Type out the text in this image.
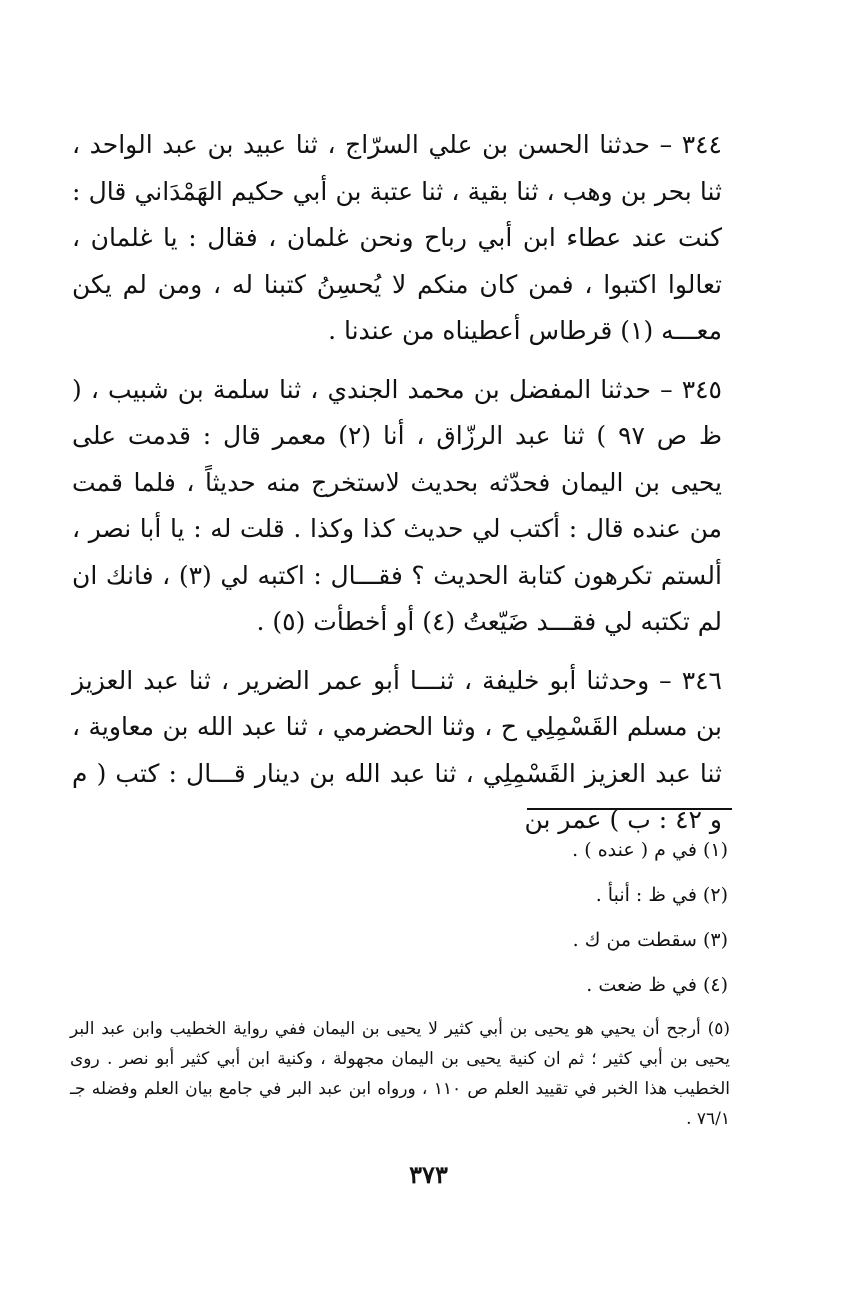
٣٤٤ – حدثنا الحسن بن علي السرّاج ، ثنا عبيد بن عبد الواحد ، ثنا بحر بن وهب ، ثنا بقية ، ثنا عتبة بن أبي حكيم الهَمْدَاني قال : كنت عند عطاء ابن أبي رباح ونحن غلمان ، فقال : يا غلمان ، تعالوا اكتبوا ، فمن كان منكم لا يُحسِنُ كتبنا له ، ومن لم يكن معـــه (١) قرطاس أعطيناه من عندنا .

٣٤٥ – حدثنا المفضل بن محمد الجندي ، ثنا سلمة بن شبيب ، ( ظ ص ٩٧ ) ثنا عبد الرزّاق ، أنا (٢) معمر قال : قدمت على يحيى بن اليمان فحدّثه بحديث لاستخرج منه حديثاً ، فلما قمت من عنده قال : أكتب لي حديث كذا وكذا . قلت له : يا أبا نصر ، ألستم تكرهون كتابة الحديث ؟ فقـــال : اكتبه لي (٣) ، فانك ان لم تكتبه لي فقـــد ضَيّعتُ (٤) أو أخطأت (٥) .

٣٤٦ – وحدثنا أبو خليفة ، ثنـــا أبو عمر الضرير ، ثنا عبد العزيز بن مسلم القَسْمِلِي ح ، وثنا الحضرمي ، ثنا عبد الله بن معاوية ، ثنا عبد العزيز القَسْمِلِي ، ثنا عبد الله بن دينار قـــال : كتب ( م و ٤٢ : ب ) عمر بن

(١) في م ( عنده ) .

(٢) في ظ : أنبأ .

(٣) سقطت من ك .

(٤) في ظ ضعت .

(٥) أرجح أن يحيي هو يحيى بن أبي كثير لا يحيى بن اليمان ففي رواية الخطيب وابن عبد البر يحيى بن أبي كثير ؛ ثم ان كنية يحيى بن اليمان مجهولة ، وكنية ابن أبي كثير أبو نصر . روى الخطيب هذا الخبر في تقييد العلم ص ١١٠ ، ورواه ابن عبد البر في جامع بيان العلم وفضله جـ ٧٦/١ .

٣٧٣
